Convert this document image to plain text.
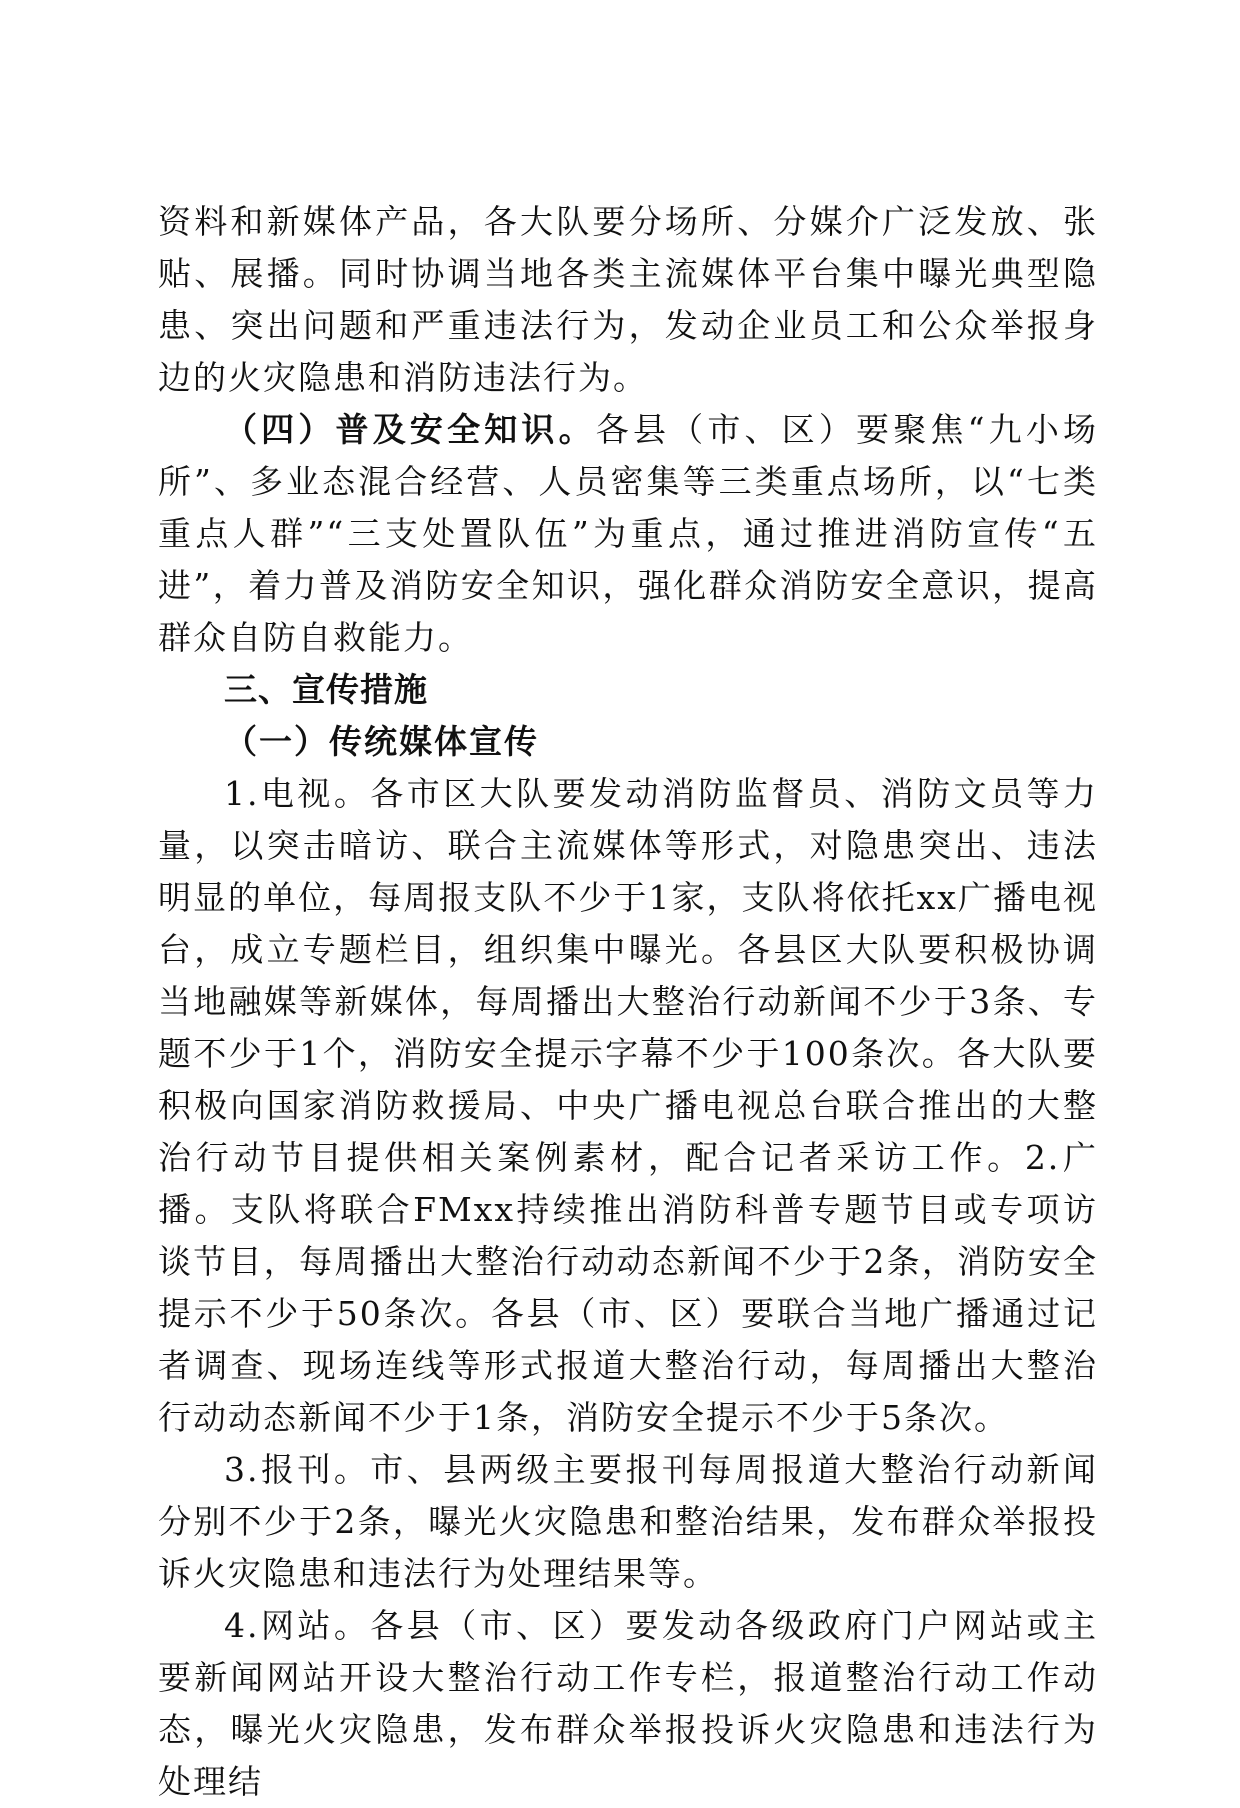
资料和新媒体产品，各大队要分场所、分媒介广泛发放、张贴、展播。同时协调当地各类主流媒体平台集中曝光典型隐患、突出问题和严重违法行为，发动企业员工和公众举报身边的火灾隐患和消防违法行为。

（四）普及安全知识。各县（市、区）要聚焦“九小场所”、多业态混合经营、人员密集等三类重点场所，以“七类重点人群”“三支处置队伍”为重点，通过推进消防宣传“五进”，着力普及消防安全知识，强化群众消防安全意识，提高群众自防自救能力。

三、宣传措施

（一）传统媒体宣传

1.电视。各市区大队要发动消防监督员、消防文员等力量，以突击暗访、联合主流媒体等形式，对隐患突出、违法明显的单位，每周报支队不少于1家，支队将依托xx广播电视台，成立专题栏目，组织集中曝光。各县区大队要积极协调当地融媒等新媒体，每周播出大整治行动新闻不少于3条、专题不少于1个，消防安全提示字幕不少于100条次。各大队要积极向国家消防救援局、中央广播电视总台联合推出的大整治行动节目提供相关案例素材，配合记者采访工作。2.广播。支队将联合FMxx持续推出消防科普专题节目或专项访谈节目，每周播出大整治行动动态新闻不少于2条，消防安全提示不少于50条次。各县（市、区）要联合当地广播通过记者调查、现场连线等形式报道大整治行动，每周播出大整治行动动态新闻不少于1条，消防安全提示不少于5条次。

3.报刊。市、县两级主要报刊每周报道大整治行动新闻分别不少于2条，曝光火灾隐患和整治结果，发布群众举报投诉火灾隐患和违法行为处理结果等。

4.网站。各县（市、区）要发动各级政府门户网站或主要新闻网站开设大整治行动工作专栏，报道整治行动工作动态，曝光火灾隐患，发布群众举报投诉火灾隐患和违法行为处理结
